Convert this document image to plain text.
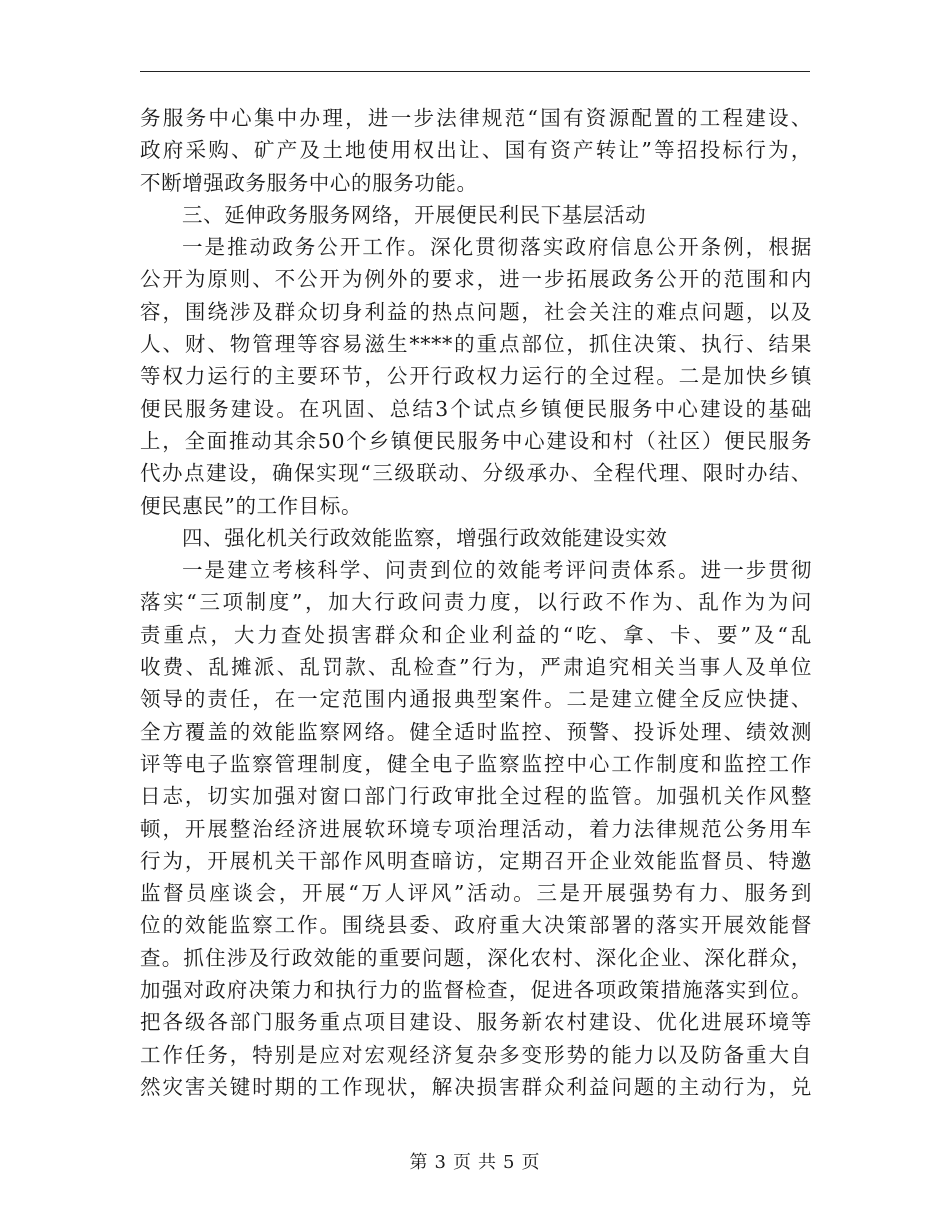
务服务中心集中办理，进一步法律规范“国有资源配置的工程建设、
政府采购、矿产及土地使用权出让、国有资产转让”等招投标行为，
不断增强政务服务中心的服务功能。
三、延伸政务服务网络，开展便民利民下基层活动
一是推动政务公开工作。深化贯彻落实政府信息公开条例，根据
公开为原则、不公开为例外的要求，进一步拓展政务公开的范围和内
容，围绕涉及群众切身利益的热点问题，社会关注的难点问题，以及
人、财、物管理等容易滋生****的重点部位，抓住决策、执行、结果
等权力运行的主要环节，公开行政权力运行的全过程。二是加快乡镇
便民服务建设。在巩固、总结3个试点乡镇便民服务中心建设的基础
上，全面推动其余50个乡镇便民服务中心建设和村（社区）便民服务
代办点建设，确保实现“三级联动、分级承办、全程代理、限时办结、
便民惠民”的工作目标。
四、强化机关行政效能监察，增强行政效能建设实效
一是建立考核科学、问责到位的效能考评问责体系。进一步贯彻
落实“三项制度”，加大行政问责力度，以行政不作为、乱作为为问
责重点，大力查处损害群众和企业利益的“吃、拿、卡、要”及“乱
收费、乱摊派、乱罚款、乱检查”行为，严肃追究相关当事人及单位
领导的责任，在一定范围内通报典型案件。二是建立健全反应快捷、
全方覆盖的效能监察网络。健全适时监控、预警、投诉处理、绩效测
评等电子监察管理制度，健全电子监察监控中心工作制度和监控工作
日志，切实加强对窗口部门行政审批全过程的监管。加强机关作风整
顿，开展整治经济进展软环境专项治理活动，着力法律规范公务用车
行为，开展机关干部作风明查暗访，定期召开企业效能监督员、特邀
监督员座谈会，开展“万人评风”活动。三是开展强势有力、服务到
位的效能监察工作。围绕县委、政府重大决策部署的落实开展效能督
查。抓住涉及行政效能的重要问题，深化农村、深化企业、深化群众，
加强对政府决策力和执行力的监督检查，促进各项政策措施落实到位。
把各级各部门服务重点项目建设、服务新农村建设、优化进展环境等
工作任务，特别是应对宏观经济复杂多变形势的能力以及防备重大自
然灾害关键时期的工作现状，解决损害群众利益问题的主动行为，兑
第 3 页 共 5 页
